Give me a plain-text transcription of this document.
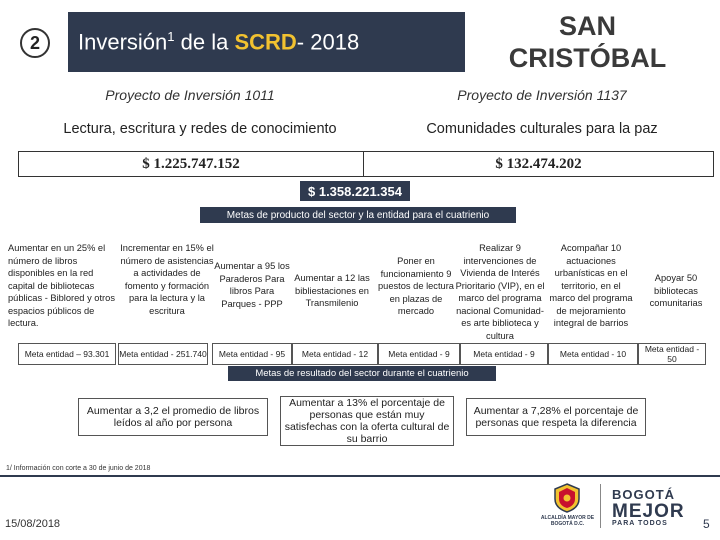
2	Inversión$^1$ de la SCRD- 2018
SAN
CRISTÓBAL
Proyecto de Inversión 1011	Proyecto de Inversión 1137
Lectura, escritura y redes de conocimiento	Comunidades culturales para la paz
$ 1.225.747.152	$ 132.474.202
$ 1.358.221.354
Metas de producto del sector y la entidad para el cuatrienio
Aumentar en un 25% el número de libros disponibles en la red capital de bibliotecas públicas - Biblored y otros espacios públicos de lectura.
Incrementar en 15% el número de asistencias a actividades de fomento y formación para la lectura y la escritura
Aumentar a 95 los Paraderos Para libros Para Parques - PPP
Aumentar a 12 las bibliestaciones en Transmilenio
Poner en funcionamiento 9 puestos de lectura en plazas de mercado
Realizar 9 intervenciones de Vivienda de Interés Prioritario (VIP), en el marco del programa nacional Comunidad-es arte biblioteca y cultura
Acompañar 10 actuaciones urbanísticas en el territorio, en el marco del programa de mejoramiento integral de barrios
Apoyar 50 bibliotecas comunitarias
Meta entidad – 93.301	Meta entidad - 251.740	Meta entidad - 95	Meta entidad - 12	Meta entidad - 9	Meta entidad - 9	Meta entidad - 10	Meta entidad - 50
Metas de resultado del sector durante el cuatrienio
Aumentar a 3,2 el promedio de libros leídos al año por persona
Aumentar a 13% el porcentaje de personas que están muy satisfechas con la oferta cultural de su barrio
Aumentar a 7,28% el porcentaje de personas que respeta la diferencia
1/ Información con corte a 30 de junio de 2018
15/08/2018	ALCALDÍA MAYOR DE BOGOTÁ D.C.
BOGOTÁ
MEJOR
PARA TODOS	5
